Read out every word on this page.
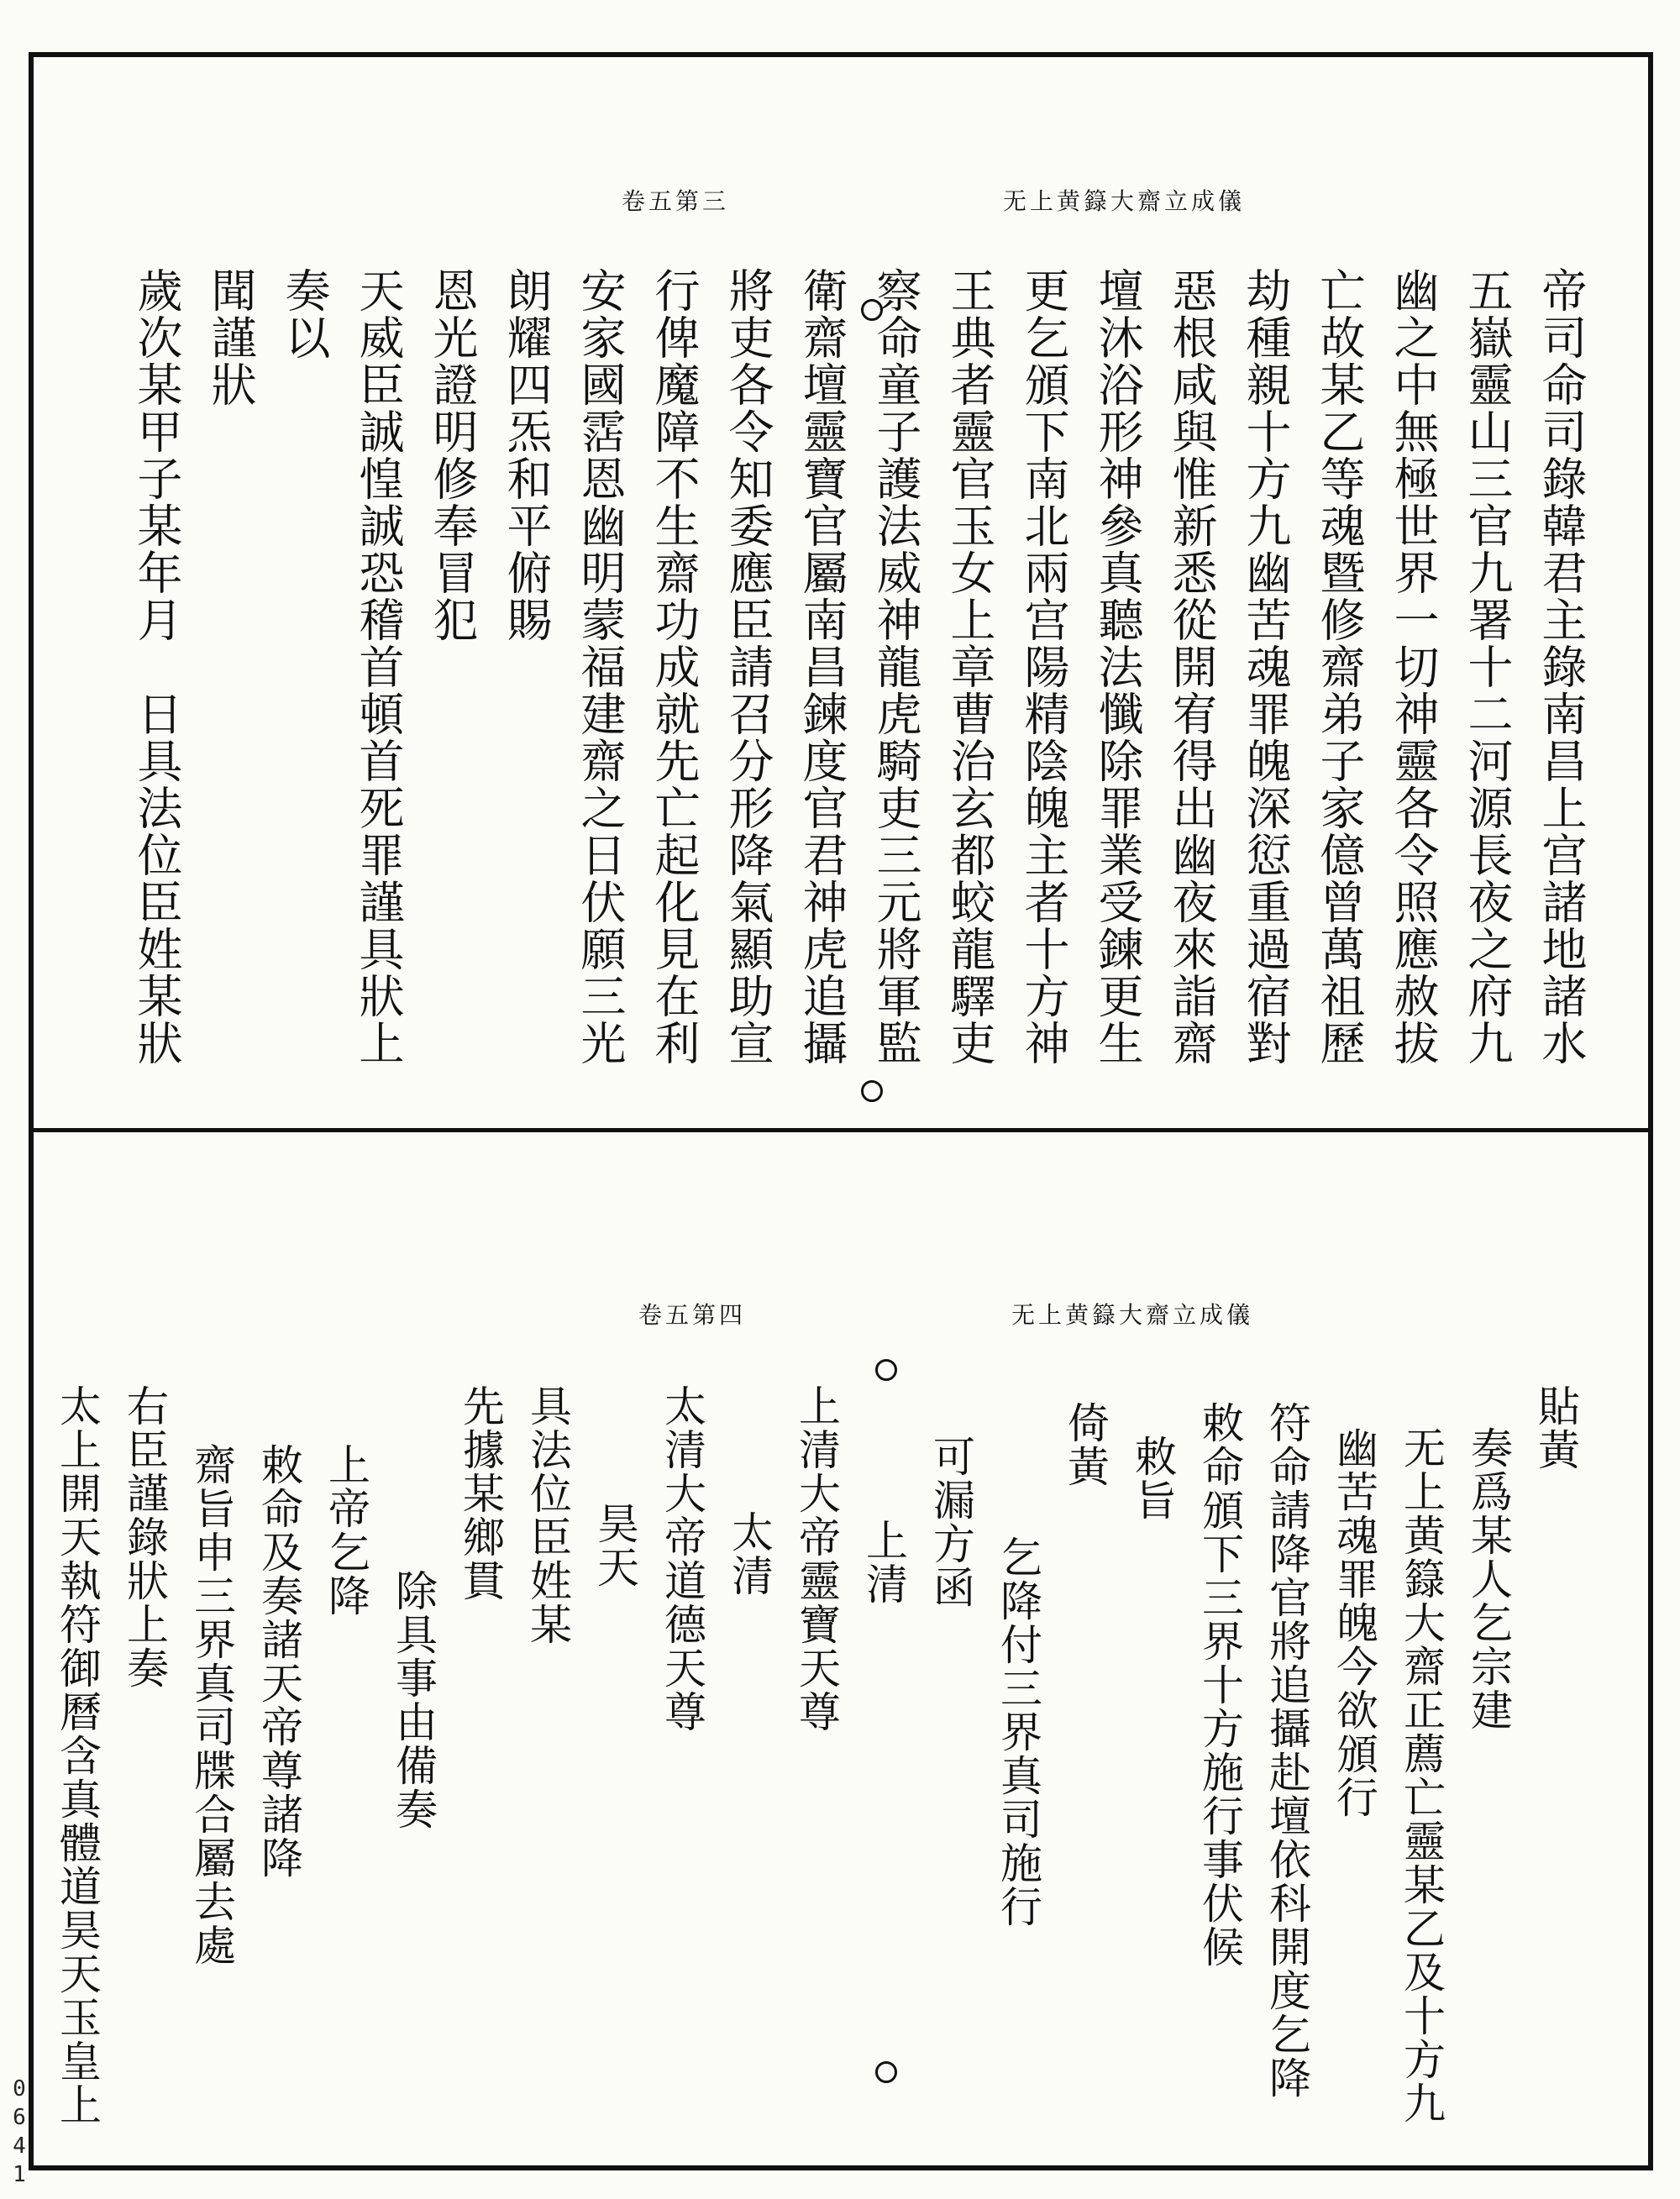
卷五第三	无上黄籙大齋立成儀
帝司命司錄韓君主錄南昌上宫諸地諸水
五嶽靈山三官九署十二河源長夜之府九
幽之中無極世界一切神靈各令照應赦拔
亡故某乙等魂暨修齋弟子家億曾萬祖歷
劫種親十方九幽苦魂罪魄深愆重過宿對
惡根咸與惟新悉從開宥得出幽夜來詣齋
壇沐浴形神參真聽法懺除罪業受鍊更生
更乞頒下南北兩宫陽精陰魄主者十方神
王典者靈官玉女上章曹治玄都蛟龍驛吏
察命童子護法威神龍虎騎吏三元將軍監
衛齋壇靈寶官屬南昌鍊度官君神虎追攝
將吏各令知委應臣請召分形降氣顯助宣
行俾魔障不生齋功成就先亡起化見在利
安家國霑恩幽明蒙福建齋之日伏願三光
朗耀四炁和平俯賜
恩光證明修奉冒犯
天威臣誠惶誠恐稽首頓首死罪謹具狀上
奏以
聞謹狀
歲次某甲子某年月　日具法位臣姓某狀
卷五第四	无上黄籙大齋立成儀
貼黃
奏爲某人乞宗建
无上黄籙大齋正薦亡靈某乙及十方九
幽苦魂罪魄今欲頒行
符命請降官將追攝赴壇依科開度乞降
敕命頒下三界十方施行事伏候
敕旨
倚黃
乞降付三界真司施行
可漏方函
上清
上清大帝靈寶天尊
太清
太清大帝道德天尊
昊天
具法位臣姓某
先據某鄉貫
除具事由備奏
上帝乞降
敕命及奏諸天帝尊諸降
齋旨申三界真司牒合屬去處
右臣謹錄狀上奏
太上開天執符御曆含真體道昊天玉皇上
0641
